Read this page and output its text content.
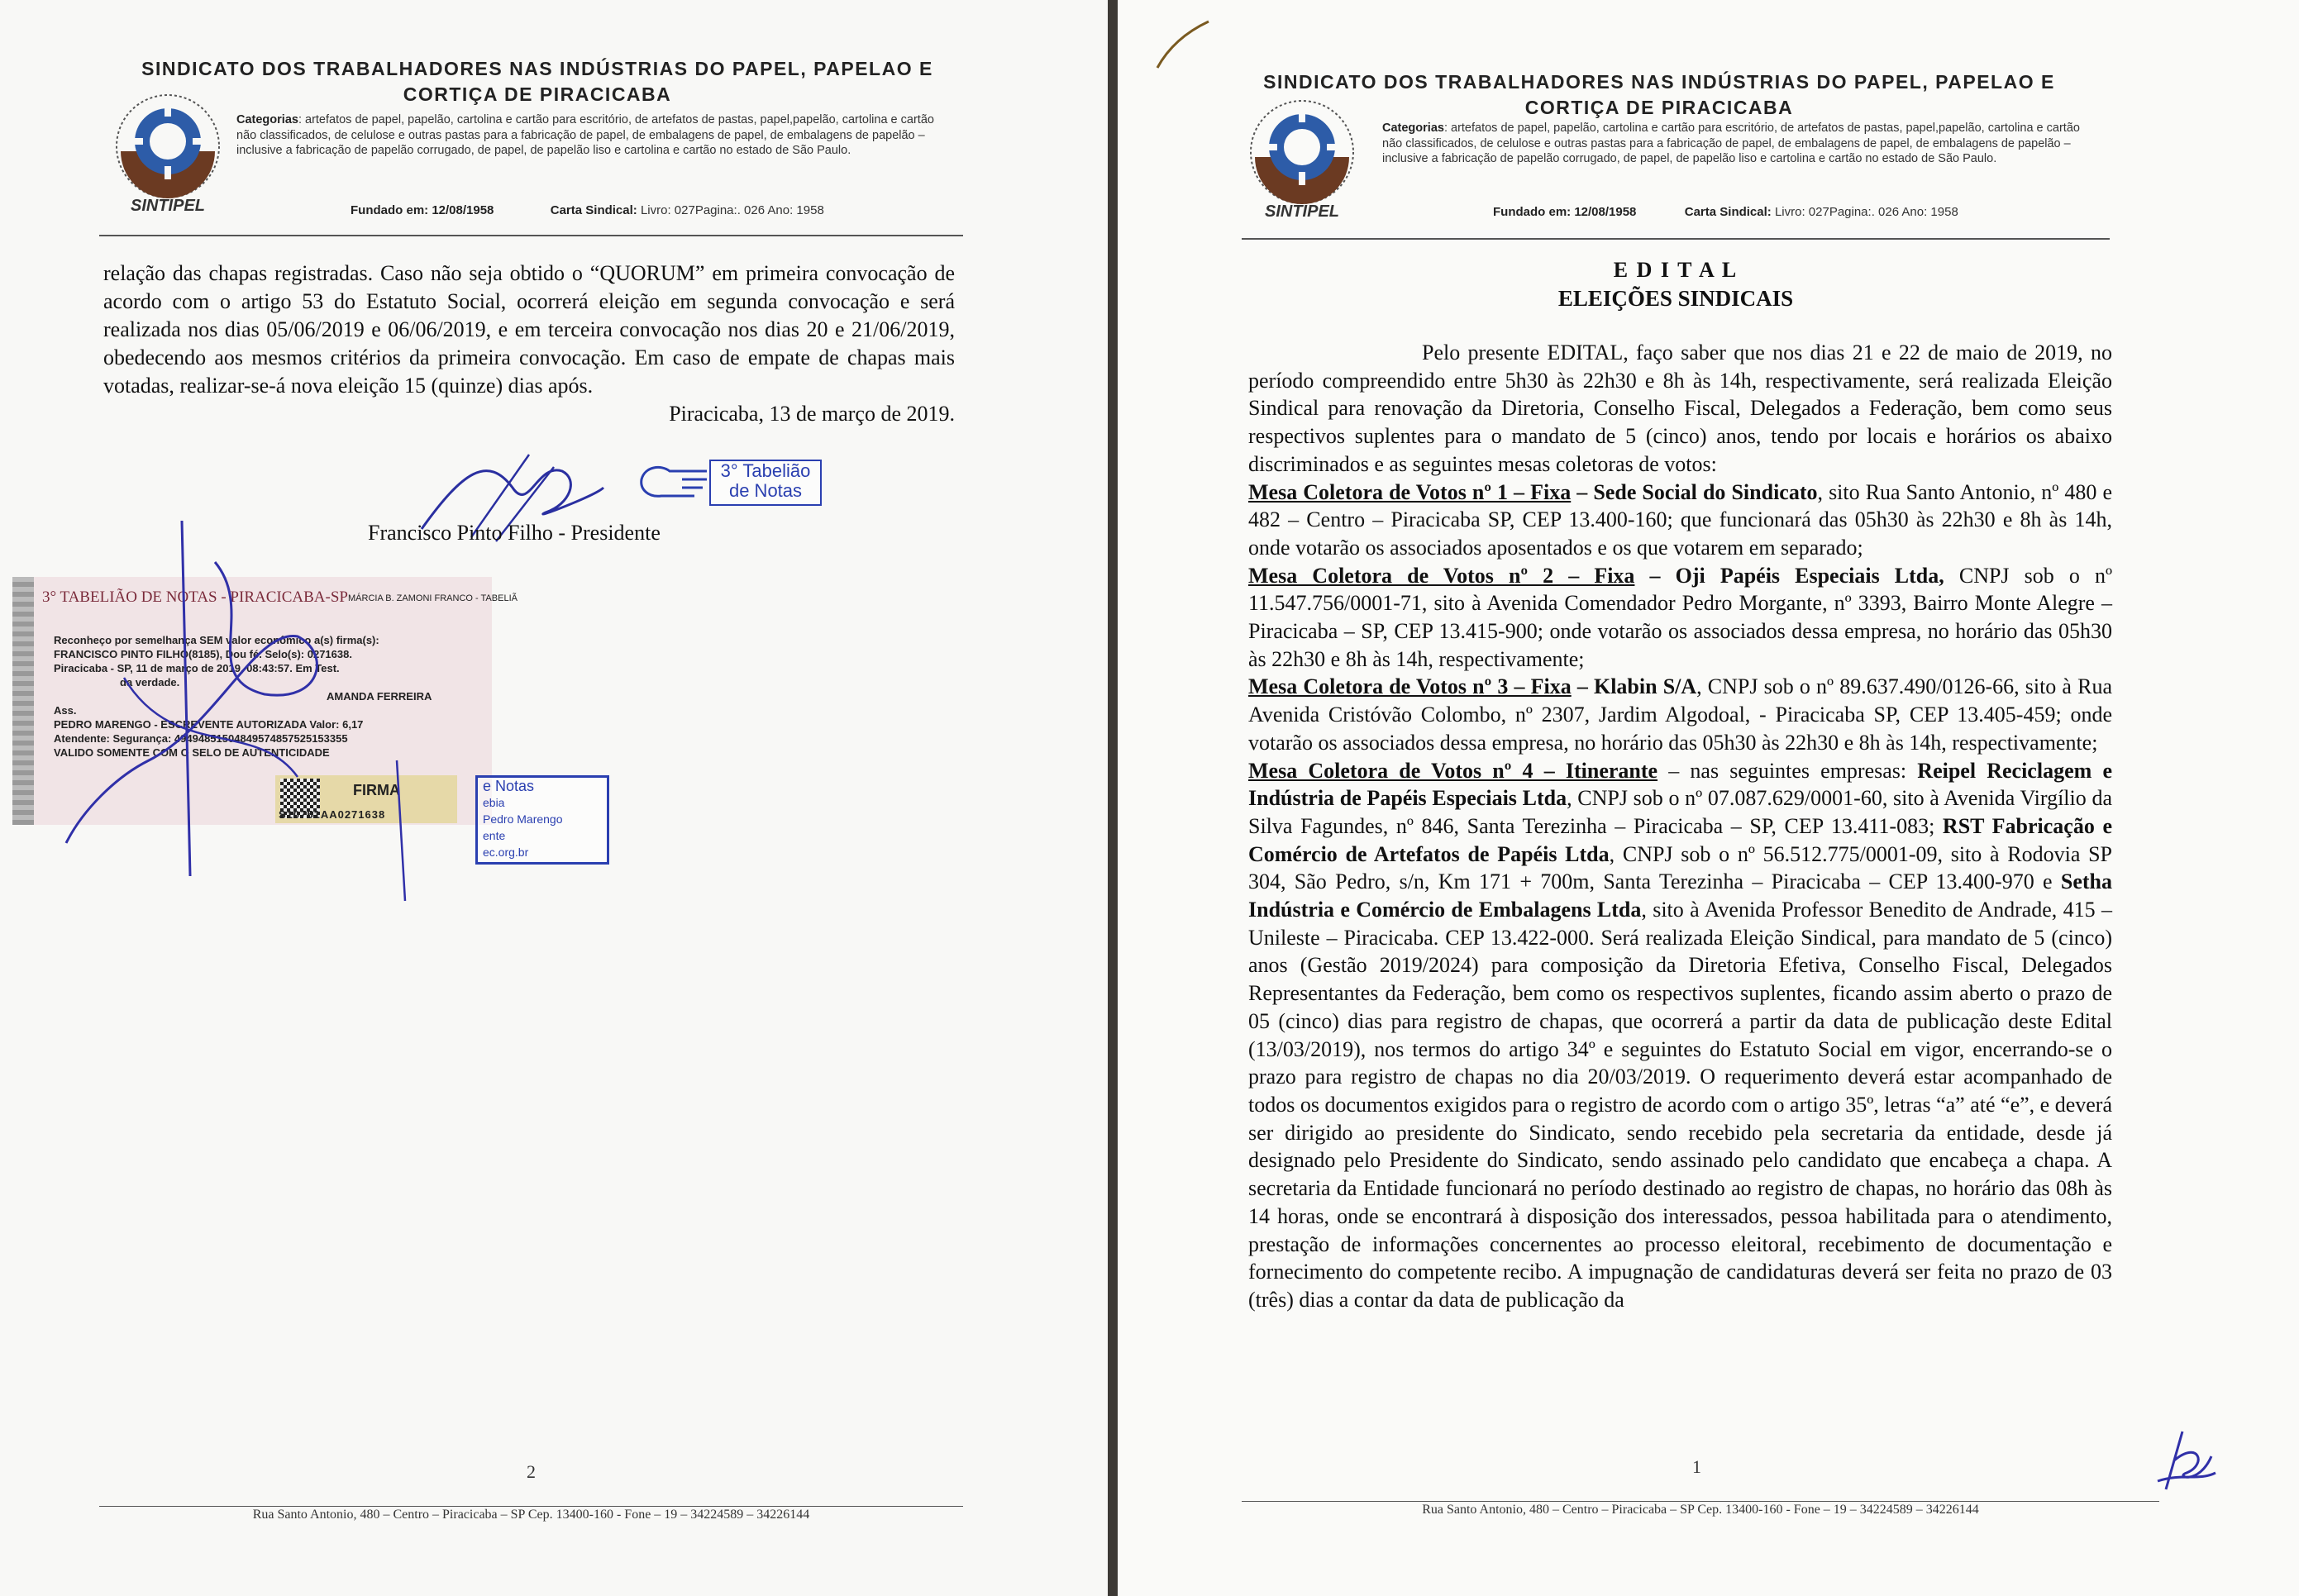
SINDICATO DOS TRABALHADORES NAS INDÚSTRIAS DO PAPEL, PAPELAO E
CORTIÇA DE PIRACICABA
SINTIPEL
Categorias: artefatos de papel, papelão, cartolina e cartão para escritório, de artefatos de pastas, papel,papelão, cartolina e cartão não classificados, de celulose e outras pastas para a fabricação de papel, de embalagens de papel, de embalagens de papelão – inclusive a fabricação de papelão corrugado, de papel, de papelão liso e cartolina e cartão no estado de São Paulo.
Fundado em: 12/08/1958	Carta Sindical: Livro: 027Pagina:. 026 Ano: 1958

relação das chapas registradas. Caso não seja obtido o “QUORUM” em primeira convocação de acordo com o artigo 53 do Estatuto Social, ocorrerá eleição em segunda convocação e será realizada nos dias 05/06/2019 e 06/06/2019, e em terceira convocação nos dias 20 e 21/06/2019, obedecendo aos mesmos critérios da primeira convocação. Em caso de empate de chapas mais votadas, realizar-se-á nova eleição 15 (quinze) dias após.

Piracicaba, 13 de março de 2019.

Francisco Pinto Filho - Presidente
3° Tabelião
de Notas
3° TABELIÃO DE NOTAS - PIRACICABA-SP MÁRCIA B. ZAMONI FRANCO - TABELIÃ
Reconheço por semelhança SEM valor econômico a(s) firma(s):
FRANCISCO PINTO FILHO(8185), Dou fé. Selo(s): 0271638.
Piracicaba - SP, 11 de março de 2019, 08:43:57. Em Test.
da verdade.
AMANDA FERREIRA
Ass.
PEDRO MARENGO - ESCREVENTE AUTORIZADA Valor: 6,17
Atendente: Segurança: 49494851504849574857525153355
VALIDO SOMENTE COM O SELO DE AUTENTICIDADE
FIRMA
S10751AA0271638
e Notas
ebia
Pedro Marengo
ente
ec.org.br
2
Rua Santo Antonio, 480 – Centro – Piracicaba – SP Cep. 13400-160 - Fone – 19 – 34224589 – 34226144
SINDICATO DOS TRABALHADORES NAS INDÚSTRIAS DO PAPEL, PAPELAO E
CORTIÇA DE PIRACICABA
SINTIPEL
Categorias: artefatos de papel, papelão, cartolina e cartão para escritório, de artefatos de pastas, papel,papelão, cartolina e cartão não classificados, de celulose e outras pastas para a fabricação de papel, de embalagens de papel, de embalagens de papelão – inclusive a fabricação de papelão corrugado, de papel, de papelão liso e cartolina e cartão no estado de São Paulo.
Fundado em: 12/08/1958	Carta Sindical: Livro: 027Pagina:. 026 Ano: 1958
E D I T A L
ELEIÇÕES SINDICAIS

Pelo presente EDITAL, faço saber que nos dias 21 e 22 de maio de 2019, no período compreendido entre 5h30 às 22h30 e 8h às 14h, respectivamente, será realizada Eleição Sindical para renovação da Diretoria, Conselho Fiscal, Delegados a Federação, bem como seus respectivos suplentes para o mandato de 5 (cinco) anos, tendo por locais e horários os abaixo discriminados e as seguintes mesas coletoras de votos:

Mesa Coletora de Votos nº 1 – Fixa – Sede Social do Sindicato, sito Rua Santo Antonio, nº 480 e 482 – Centro – Piracicaba SP, CEP 13.400-160; que funcionará das 05h30 às 22h30 e 8h às 14h, onde votarão os associados aposentados e os que votarem em separado;

Mesa Coletora de Votos nº 2 – Fixa – Oji Papéis Especiais Ltda, CNPJ sob o nº 11.547.756/0001-71, sito à Avenida Comendador Pedro Morgante, nº 3393, Bairro Monte Alegre – Piracicaba – SP, CEP 13.415-900; onde votarão os associados dessa empresa, no horário das 05h30 às 22h30 e 8h às 14h, respectivamente;

Mesa Coletora de Votos nº 3 – Fixa – Klabin S/A, CNPJ sob o nº 89.637.490/0126-66, sito à Rua Avenida Cristóvão Colombo, nº 2307, Jardim Algodoal, - Piracicaba SP, CEP 13.405-459; onde votarão os associados dessa empresa, no horário das 05h30 às 22h30 e 8h às 14h, respectivamente;

Mesa Coletora de Votos nº 4 – Itinerante – nas seguintes empresas: Reipel Reciclagem e Indústria de Papéis Especiais Ltda, CNPJ sob o nº 07.087.629/0001-60, sito à Avenida Virgílio da Silva Fagundes, nº 846, Santa Terezinha – Piracicaba – SP, CEP 13.411-083; RST Fabricação e Comércio de Artefatos de Papéis Ltda, CNPJ sob o nº 56.512.775/0001-09, sito à Rodovia SP 304, São Pedro, s/n, Km 171 + 700m, Santa Terezinha – Piracicaba – CEP 13.400-970 e Setha Indústria e Comércio de Embalagens Ltda, sito à Avenida Professor Benedito de Andrade, 415 – Unileste – Piracicaba. CEP 13.422-000. Será realizada Eleição Sindical, para mandato de 5 (cinco) anos (Gestão 2019/2024) para composição da Diretoria Efetiva, Conselho Fiscal, Delegados Representantes da Federação, bem como os respectivos suplentes, ficando assim aberto o prazo de 05 (cinco) dias para registro de chapas, que ocorrerá a partir da data de publicação deste Edital (13/03/2019), nos termos do artigo 34º e seguintes do Estatuto Social em vigor, encerrando-se o prazo para registro de chapas no dia 20/03/2019. O requerimento deverá estar acompanhado de todos os documentos exigidos para o registro de acordo com o artigo 35º, letras “a” até “e”, e deverá ser dirigido ao presidente do Sindicato, sendo recebido pela secretaria da entidade, desde já designado pelo Presidente do Sindicato, sendo assinado pelo candidato que encabeça a chapa. A secretaria da Entidade funcionará no período destinado ao registro de chapas, no horário das 08h às 14 horas, onde se encontrará à disposição dos interessados, pessoa habilitada para o atendimento, prestação de informações concernentes ao processo eleitoral, recebimento de documentação e fornecimento do competente recibo. A impugnação de candidaturas deverá ser feita no prazo de 03 (três) dias a contar da data de publicação da

1
Rua Santo Antonio, 480 – Centro – Piracicaba – SP Cep. 13400-160 - Fone – 19 – 34224589 – 34226144
